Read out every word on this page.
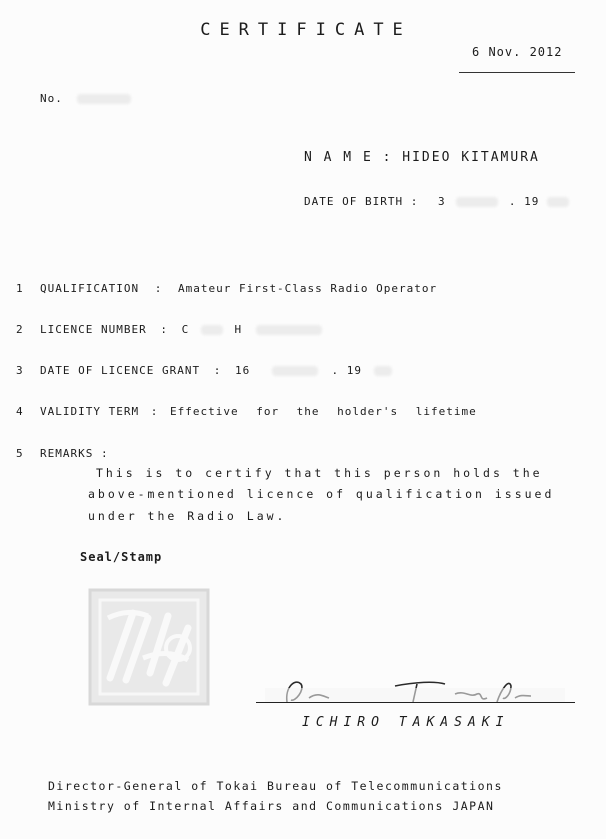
CERTIFICATE
6 Nov. 2012
No.
N A M E : HIDEO KITAMURA
DATE OF BIRTH : 3	. 19
1 QUALIFICATION : Amateur First-Class Radio Operator
2 LICENCE NUMBER : C	H
3 DATE OF LICENCE GRANT : 16	. 19
4 VALIDITY TERM : Effective for the holder's lifetime
5 REMARKS :
This is to certify that this person holds the
above-mentioned licence of qualification issued
under the Radio Law.
Seal/Stamp
ICHIRO TAKASAKI
Director-General of Tokai Bureau of Telecommunications
Ministry of Internal Affairs and Communications JAPAN
